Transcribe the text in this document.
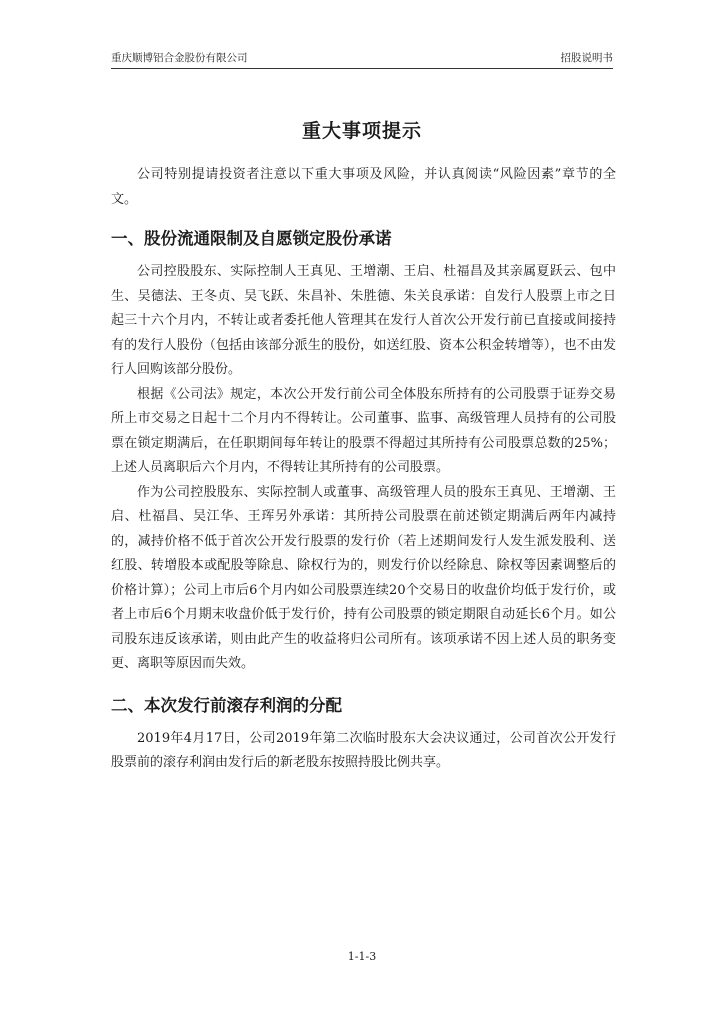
重庆顺博铝合金股份有限公司	招股说明书
重大事项提示

公司特别提请投资者注意以下重大事项及风险，并认真阅读“风险因素”章节的全文。

一、股份流通限制及自愿锁定股份承诺

公司控股股东、实际控制人王真见、王增潮、王启、杜福昌及其亲属夏跃云、包中生、吴德法、王冬贞、吴飞跃、朱昌补、朱胜德、朱关良承诺：自发行人股票上市之日起三十六个月内，不转让或者委托他人管理其在发行人首次公开发行前已直接或间接持有的发行人股份（包括由该部分派生的股份，如送红股、资本公积金转增等），也不由发行人回购该部分股份。

根据《公司法》规定，本次公开发行前公司全体股东所持有的公司股票于证券交易所上市交易之日起十二个月内不得转让。公司董事、监事、高级管理人员持有的公司股票在锁定期满后，在任职期间每年转让的股票不得超过其所持有公司股票总数的25%；上述人员离职后六个月内，不得转让其所持有的公司股票。

作为公司控股股东、实际控制人或董事、高级管理人员的股东王真见、王增潮、王启、杜福昌、吴江华、王珲另外承诺：其所持公司股票在前述锁定期满后两年内减持的，减持价格不低于首次公开发行股票的发行价（若上述期间发行人发生派发股利、送红股、转增股本或配股等除息、除权行为的，则发行价以经除息、除权等因素调整后的价格计算）；公司上市后6个月内如公司股票连续20个交易日的收盘价均低于发行价，或者上市后6个月期末收盘价低于发行价，持有公司股票的锁定期限自动延长6个月。如公司股东违反该承诺，则由此产生的收益将归公司所有。该项承诺不因上述人员的职务变更、离职等原因而失效。

二、本次发行前滚存利润的分配

2019年4月17日，公司2019年第二次临时股东大会决议通过，公司首次公开发行股票前的滚存利润由发行后的新老股东按照持股比例共享。

1-1-3
